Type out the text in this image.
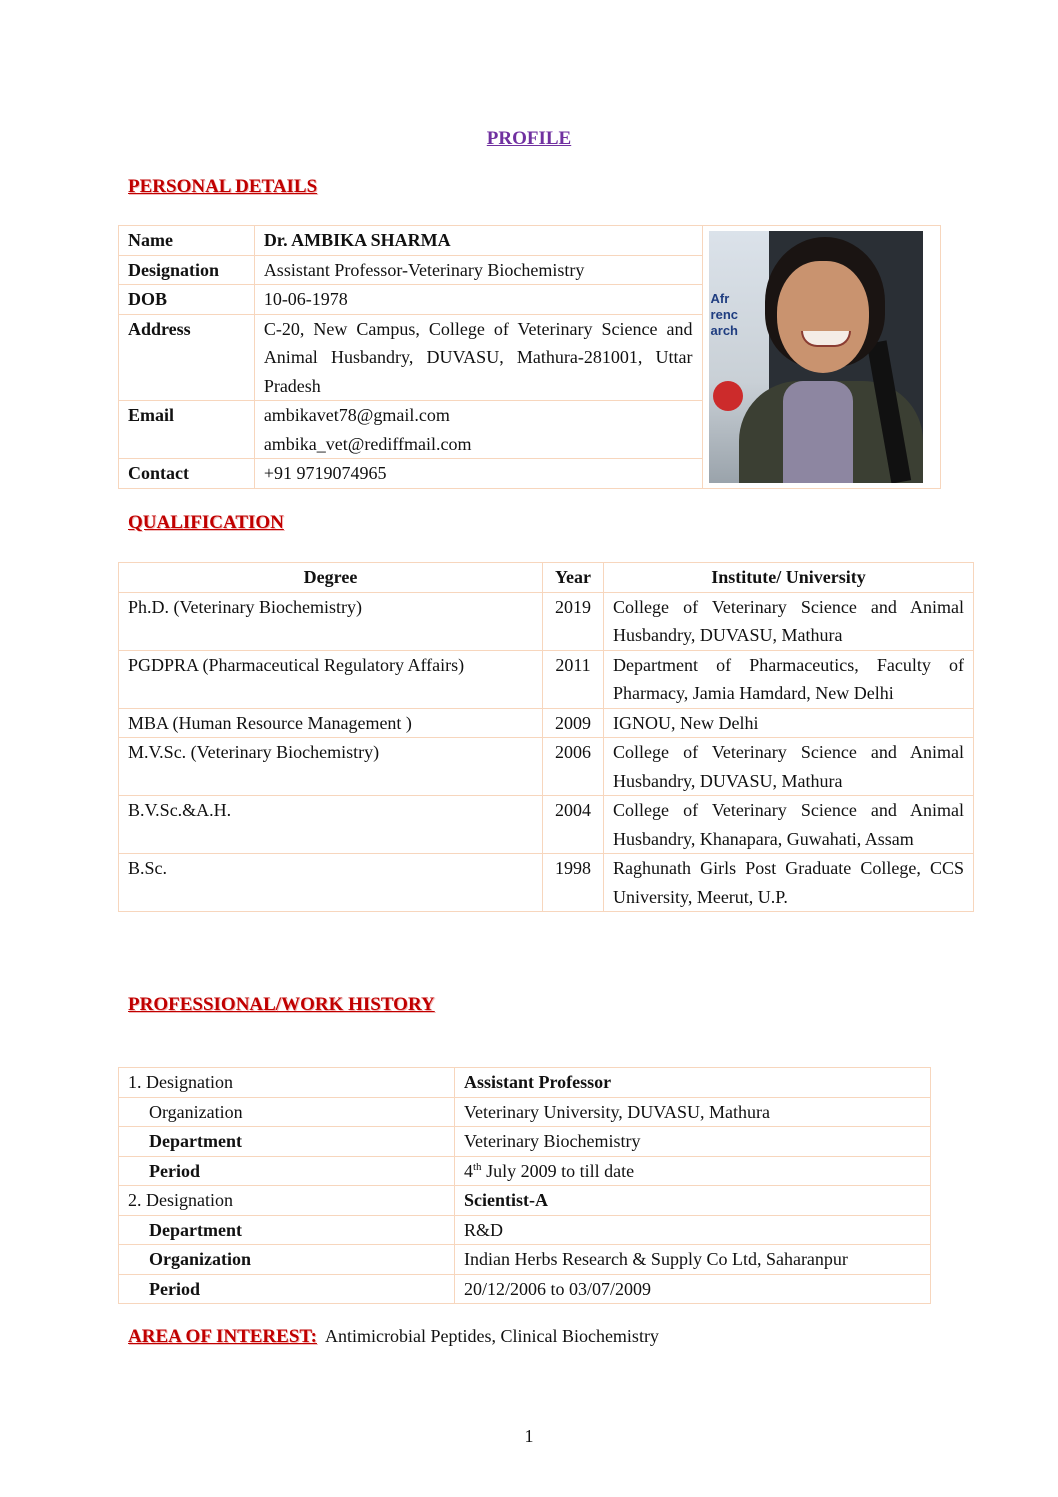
PROFILE
PERSONAL DETAILS
Name	Dr. AMBIKA SHARMA	Afr
renc
arch

Designation	Assistant Professor-Veterinary Biochemistry	

DOB	10-06-1978	

Address	C-20, New Campus, College of Veterinary Science and Animal Husbandry, DUVASU, Mathura-281001, Uttar Pradesh	

Email	ambikavet78@gmail.com
ambika_vet@rediffmail.com	

Contact	+91 9719074965	
QUALIFICATION
Degree	Year	Institute/ University
Ph.D. (Veterinary Biochemistry)	2019	College of Veterinary Science and Animal Husbandry, DUVASU, Mathura
PGDPRA (Pharmaceutical Regulatory Affairs)	2011	Department of Pharmaceutics, Faculty of Pharmacy, Jamia Hamdard, New Delhi
MBA (Human Resource Management )	2009	IGNOU, New Delhi
M.V.Sc. (Veterinary Biochemistry)	2006	College of Veterinary Science and Animal Husbandry, DUVASU, Mathura
B.V.Sc.&A.H.	2004	College of Veterinary Science and Animal Husbandry, Khanapara, Guwahati, Assam
B.Sc.	1998	Raghunath Girls Post Graduate College, CCS University, Meerut, U.P.
PROFESSIONAL/WORK HISTORY
1. Designation	Assistant Professor
Organization	Veterinary University, DUVASU, Mathura
Department	Veterinary Biochemistry
Period	4th July 2009 to till date
2. Designation	Scientist-A
Department	R&D
Organization	Indian Herbs Research & Supply Co Ltd, Saharanpur
Period	20/12/2006 to 03/07/2009
AREA OF INTEREST: Antimicrobial Peptides, Clinical Biochemistry
1
